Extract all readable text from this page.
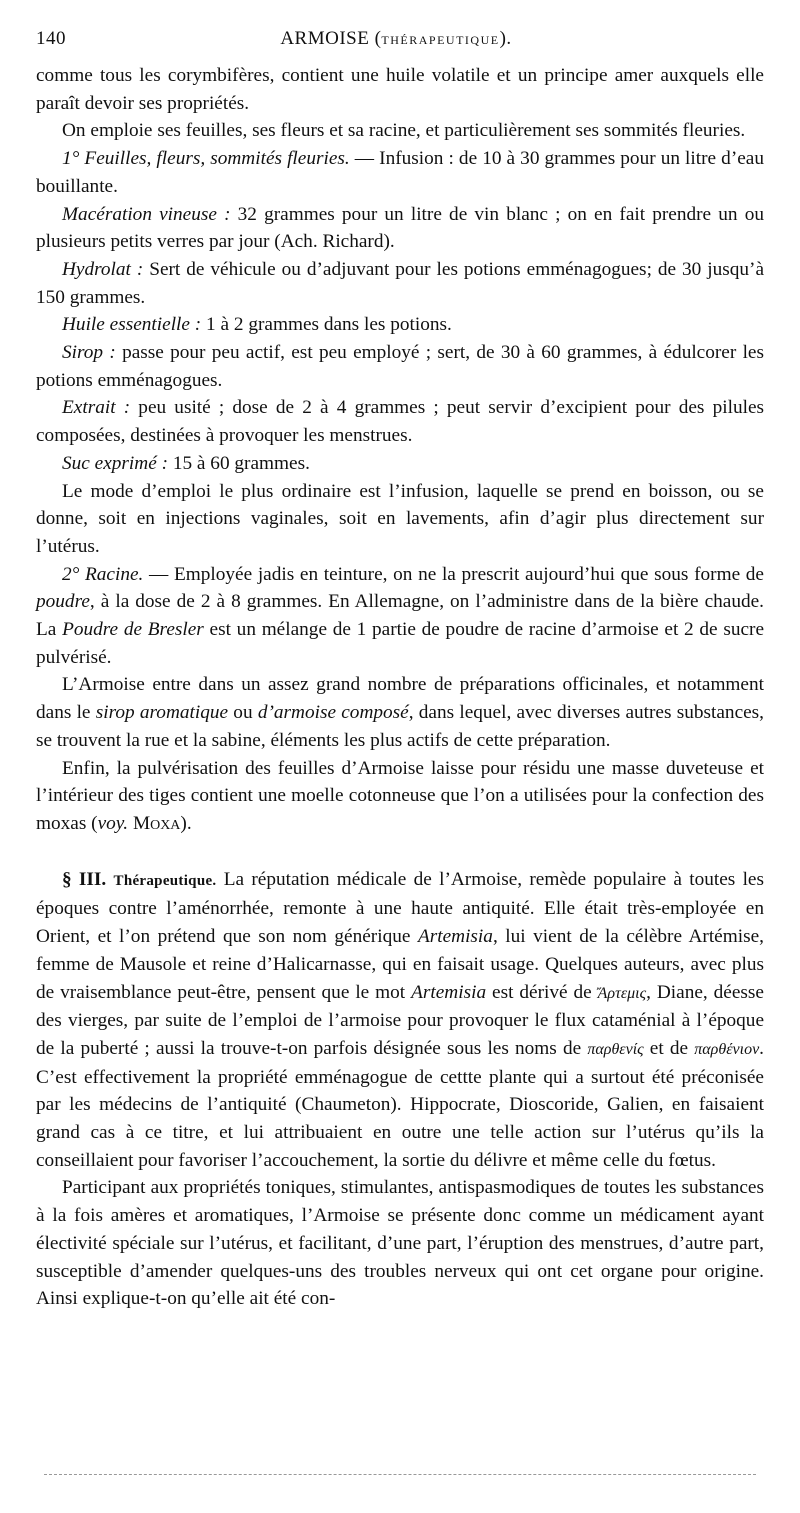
140	ARMOISE (THÉRAPEUTIQUE).

comme tous les corymbifères, contient une huile volatile et un principe amer auxquels elle paraît devoir ses propriétés.

On emploie ses feuilles, ses fleurs et sa racine, et particulièrement ses sommités fleuries.

1° Feuilles, fleurs, sommités fleuries. — Infusion : de 10 à 30 grammes pour un litre d’eau bouillante.

Macération vineuse : 32 grammes pour un litre de vin blanc ; on en fait prendre un ou plusieurs petits verres par jour (Ach. Richard).

Hydrolat : Sert de véhicule ou d’adjuvant pour les potions emménagogues; de 30 jusqu’à 150 grammes.

Huile essentielle : 1 à 2 grammes dans les potions.

Sirop : passe pour peu actif, est peu employé ; sert, de 30 à 60 grammes, à édulcorer les potions emménagogues.

Extrait : peu usité ; dose de 2 à 4 grammes ; peut servir d’excipient pour des pilules composées, destinées à provoquer les menstrues.

Suc exprimé : 15 à 60 grammes.

Le mode d’emploi le plus ordinaire est l’infusion, laquelle se prend en boisson, ou se donne, soit en injections vaginales, soit en lavements, afin d’agir plus directement sur l’utérus.

2° Racine. — Employée jadis en teinture, on ne la prescrit aujourd’hui que sous forme de poudre, à la dose de 2 à 8 grammes. En Allemagne, on l’administre dans de la bière chaude. La Poudre de Bresler est un mélange de 1 partie de poudre de racine d’armoise et 2 de sucre pulvérisé.

L’Armoise entre dans un assez grand nombre de préparations officinales, et notamment dans le sirop aromatique ou d’armoise composé, dans lequel, avec diverses autres substances, se trouvent la rue et la sabine, éléments les plus actifs de cette préparation.

Enfin, la pulvérisation des feuilles d’Armoise laisse pour résidu une masse duveteuse et l’intérieur des tiges contient une moelle cotonneuse que l’on a utilisées pour la confection des moxas (voy. Moxa).

§ III. Thérapeutique. La réputation médicale de l’Armoise, remède populaire à toutes les époques contre l’aménorrhée, remonte à une haute antiquité. Elle était très-employée en Orient, et l’on prétend que son nom générique Artemisia, lui vient de la célèbre Artémise, femme de Mausole et reine d’Halicarnasse, qui en faisait usage. Quelques auteurs, avec plus de vraisemblance peut-être, pensent que le mot Artemisia est dérivé de Ἄρτεμις, Diane, déesse des vierges, par suite de l’emploi de l’armoise pour provoquer le flux cataménial à l’époque de la puberté ; aussi la trouve-t-on parfois désignée sous les noms de παρθενίς et de παρθένιον. C’est effectivement la propriété emménagogue de cettte plante qui a surtout été préconisée par les médecins de l’antiquité (Chaumeton). Hippocrate, Dioscoride, Galien, en faisaient grand cas à ce titre, et lui attribuaient en outre une telle action sur l’utérus qu’ils la conseillaient pour favoriser l’accouchement, la sortie du délivre et même celle du fœtus.

Participant aux propriétés toniques, stimulantes, antispasmodiques de toutes les substances à la fois amères et aromatiques, l’Armoise se présente donc comme un médicament ayant électivité spéciale sur l’utérus, et facilitant, d’une part, l’éruption des menstrues, d’autre part, susceptible d’amender quelques-uns des troubles nerveux qui ont cet organe pour origine. Ainsi explique-t-on qu’elle ait été con-
